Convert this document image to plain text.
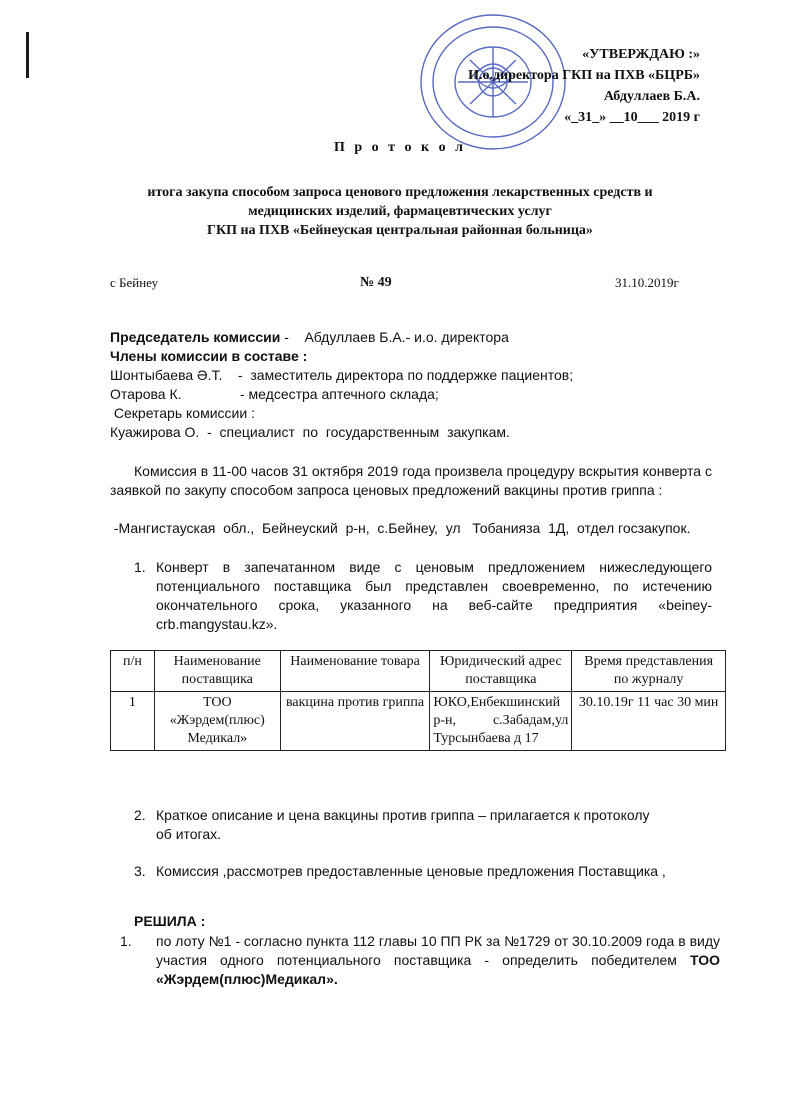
«УТВЕРЖДАЮ :»
И.о.директора ГКП на ПХВ «БЦРБ»
Абдуллаев Б.А.
«_31_» __10___ 2019 г
П р о т о к о л
итога закупа способом запроса ценового предложения лекарственных средств и
медицинских изделий, фармацевтических услуг
ГКП на ПХВ «Бейнеуская центральная районная больница»
с Бейнеу	№ 49	31.10.2019г
Председатель комиссии -    Абдуллаев Б.А.- и.о. директора
Члены комиссии в составе :
Шонтыбаева Ә.Т.    -  заместитель директора по поддержке пациентов;
Отарова К.	- медсестра аптечного склада;
Секретарь комиссии :
Куажирова О.  -  специалист  по  государственным  закупкам.
Комиссия в 11-00 часов 31 октября 2019 года произвела процедуру вскрытия конверта с заявкой по закупу способом запроса ценовых предложений вакцины против гриппа :
-Мангистауская  обл.,  Бейнеуский  р-н,  с.Бейнеу,  ул   Тобанияза  1Д,  отдел госзакупок.
1. Конверт в запечатанном виде с ценовым предложением нижеследующего потенциального поставщика был представлен своевременно, по истечению окончательного срока, указанного на веб-сайте предприятия «beiney-crb.mangystau.kz».
п/н	Наименование поставщика	Наименование товара	Юридический адрес поставщика	Время представления по журналу
1	ТОО «Жэрдем(плюс) Медикал»	вакцина против гриппа	ЮКО,Енбекшинский р-н, с.Забадам,ул Турсынбаева д 17	30.10.19г 11 час 30 мин
2. Краткое описание и цена вакцины против гриппа – прилагается к протоколу об итогах.
3. Комиссия ,рассмотрев предоставленные ценовые предложения Поставщика ,
РЕШИЛА :
1.	по лоту №1 - согласно пункта 112 главы 10 ПП РК за №1729 от 30.10.2009 года в виду участия одного потенциального поставщика - определить победителем ТОО «Жэрдем(плюс)Медикал».
